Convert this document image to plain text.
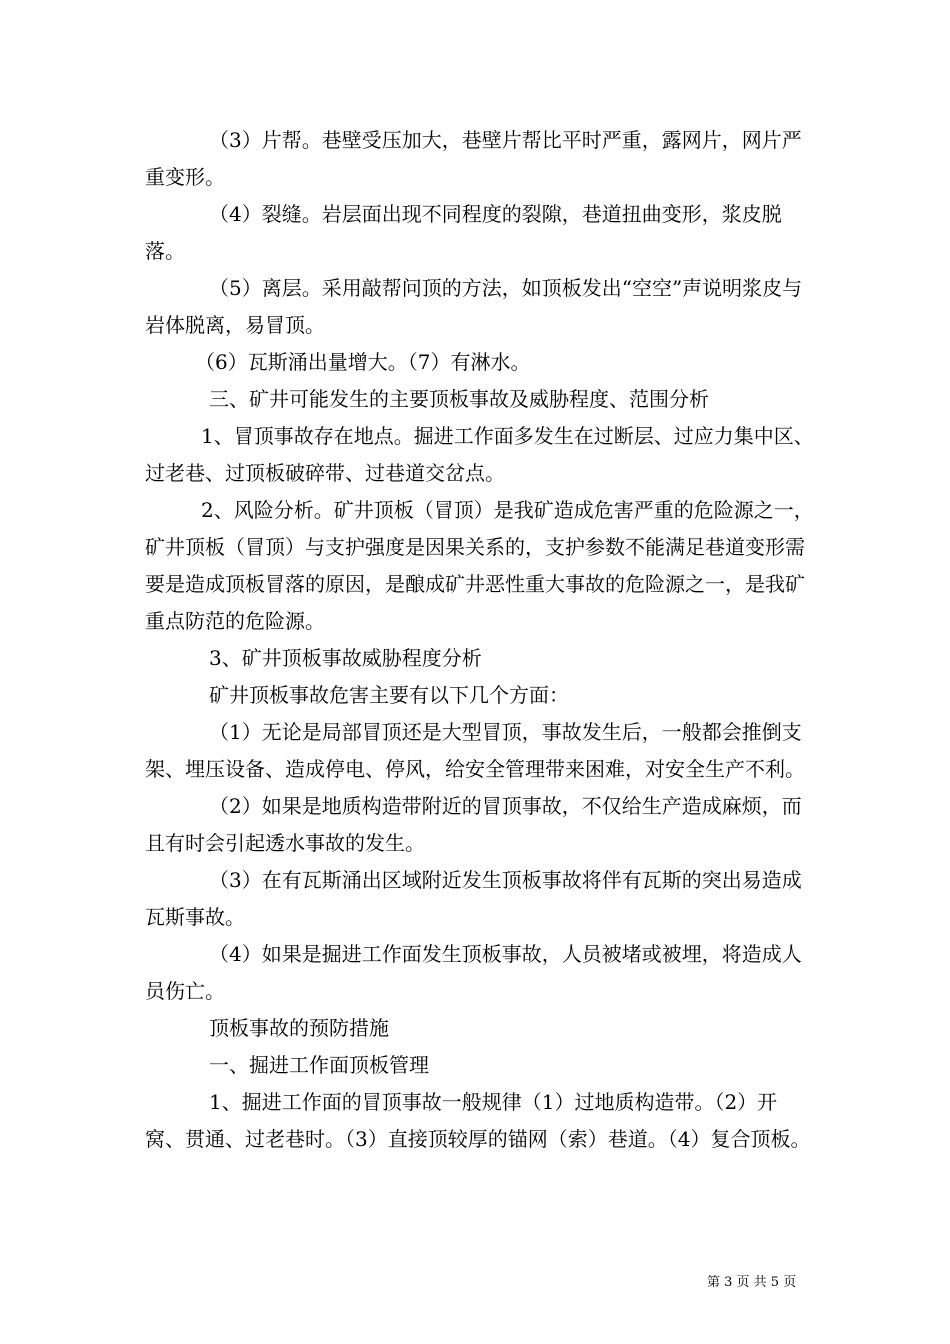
（3）片帮。巷壁受压加大，巷壁片帮比平时严重，露网片，网片严重变形。

（4）裂缝。岩层面出现不同程度的裂隙，巷道扭曲变形，浆皮脱落。

（5）离层。采用敲帮问顶的方法，如顶板发出“空空”声说明浆皮与岩体脱离，易冒顶。

（6）瓦斯涌出量增大。（7）有淋水。

三、矿井可能发生的主要顶板事故及威胁程度、范围分析

1、冒顶事故存在地点。掘进工作面多发生在过断层、过应力集中区、过老巷、过顶板破碎带、过巷道交岔点。

2、风险分析。矿井顶板（冒顶）是我矿造成危害严重的危险源之一，矿井顶板（冒顶）与支护强度是因果关系的，支护参数不能满足巷道变形需要是造成顶板冒落的原因，是酿成矿井恶性重大事故的危险源之一，是我矿重点防范的危险源。

3、矿井顶板事故威胁程度分析

矿井顶板事故危害主要有以下几个方面：

（1）无论是局部冒顶还是大型冒顶，事故发生后，一般都会推倒支架、埋压设备、造成停电、停风，给安全管理带来困难，对安全生产不利。

（2）如果是地质构造带附近的冒顶事故，不仅给生产造成麻烦，而且有时会引起透水事故的发生。

（3）在有瓦斯涌出区域附近发生顶板事故将伴有瓦斯的突出易造成瓦斯事故。

（4）如果是掘进工作面发生顶板事故，人员被堵或被埋，将造成人员伤亡。

顶板事故的预防措施

一、掘进工作面顶板管理

1、掘进工作面的冒顶事故一般规律（1）过地质构造带。（2）开窝、贯通、过老巷时。（3）直接顶较厚的锚网（索）巷道。（4）复合顶板。

第 3 页 共 5 页
